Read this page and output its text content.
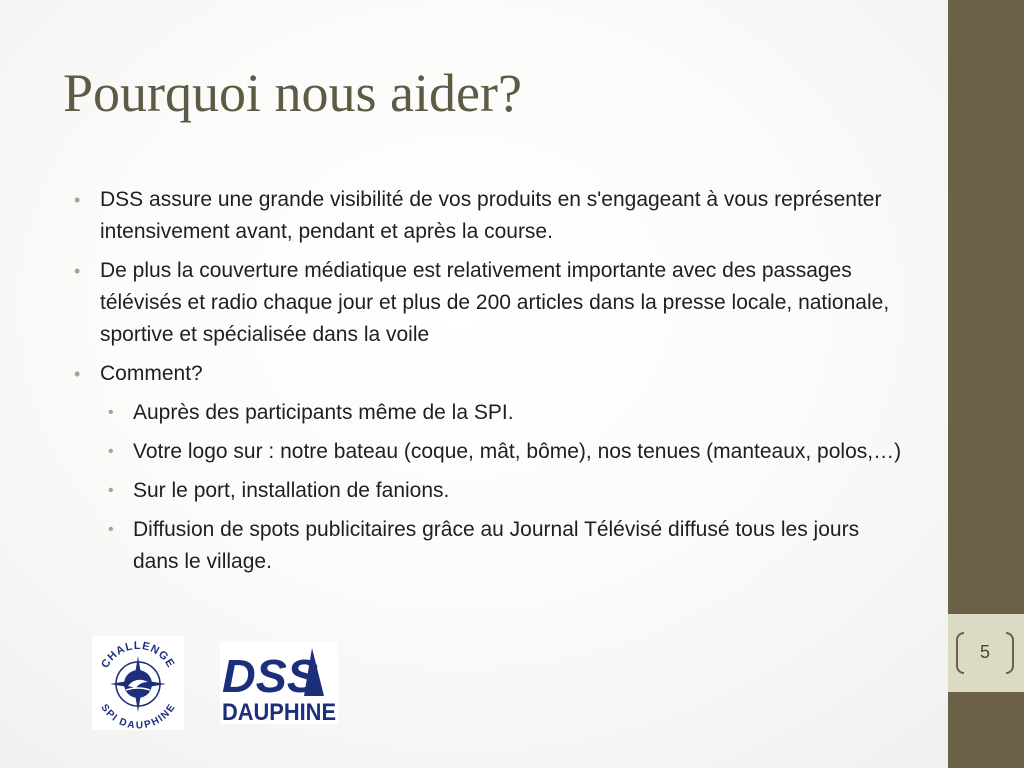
5
Pourquoi nous aider?
• DSS assure une grande visibilité de vos produits en s'engageant à vous représenter intensivement avant, pendant et après la course.
• De plus la couverture médiatique est relativement importante avec des passages télévisés et radio chaque jour et plus de 200 articles dans la presse locale, nationale, sportive et spécialisée dans la voile
• Comment?
• Auprès des participants même de la SPI.
• Votre logo sur : notre bateau (coque, mât, bôme), nos tenues (manteaux, polos,…)
• Sur le port, installation de fanions.
• Diffusion de spots publicitaires grâce au Journal Télévisé diffusé tous les jours dans le village.
CHALLENGE
SPI DAUPHINE
DSS
DAUPHINE
